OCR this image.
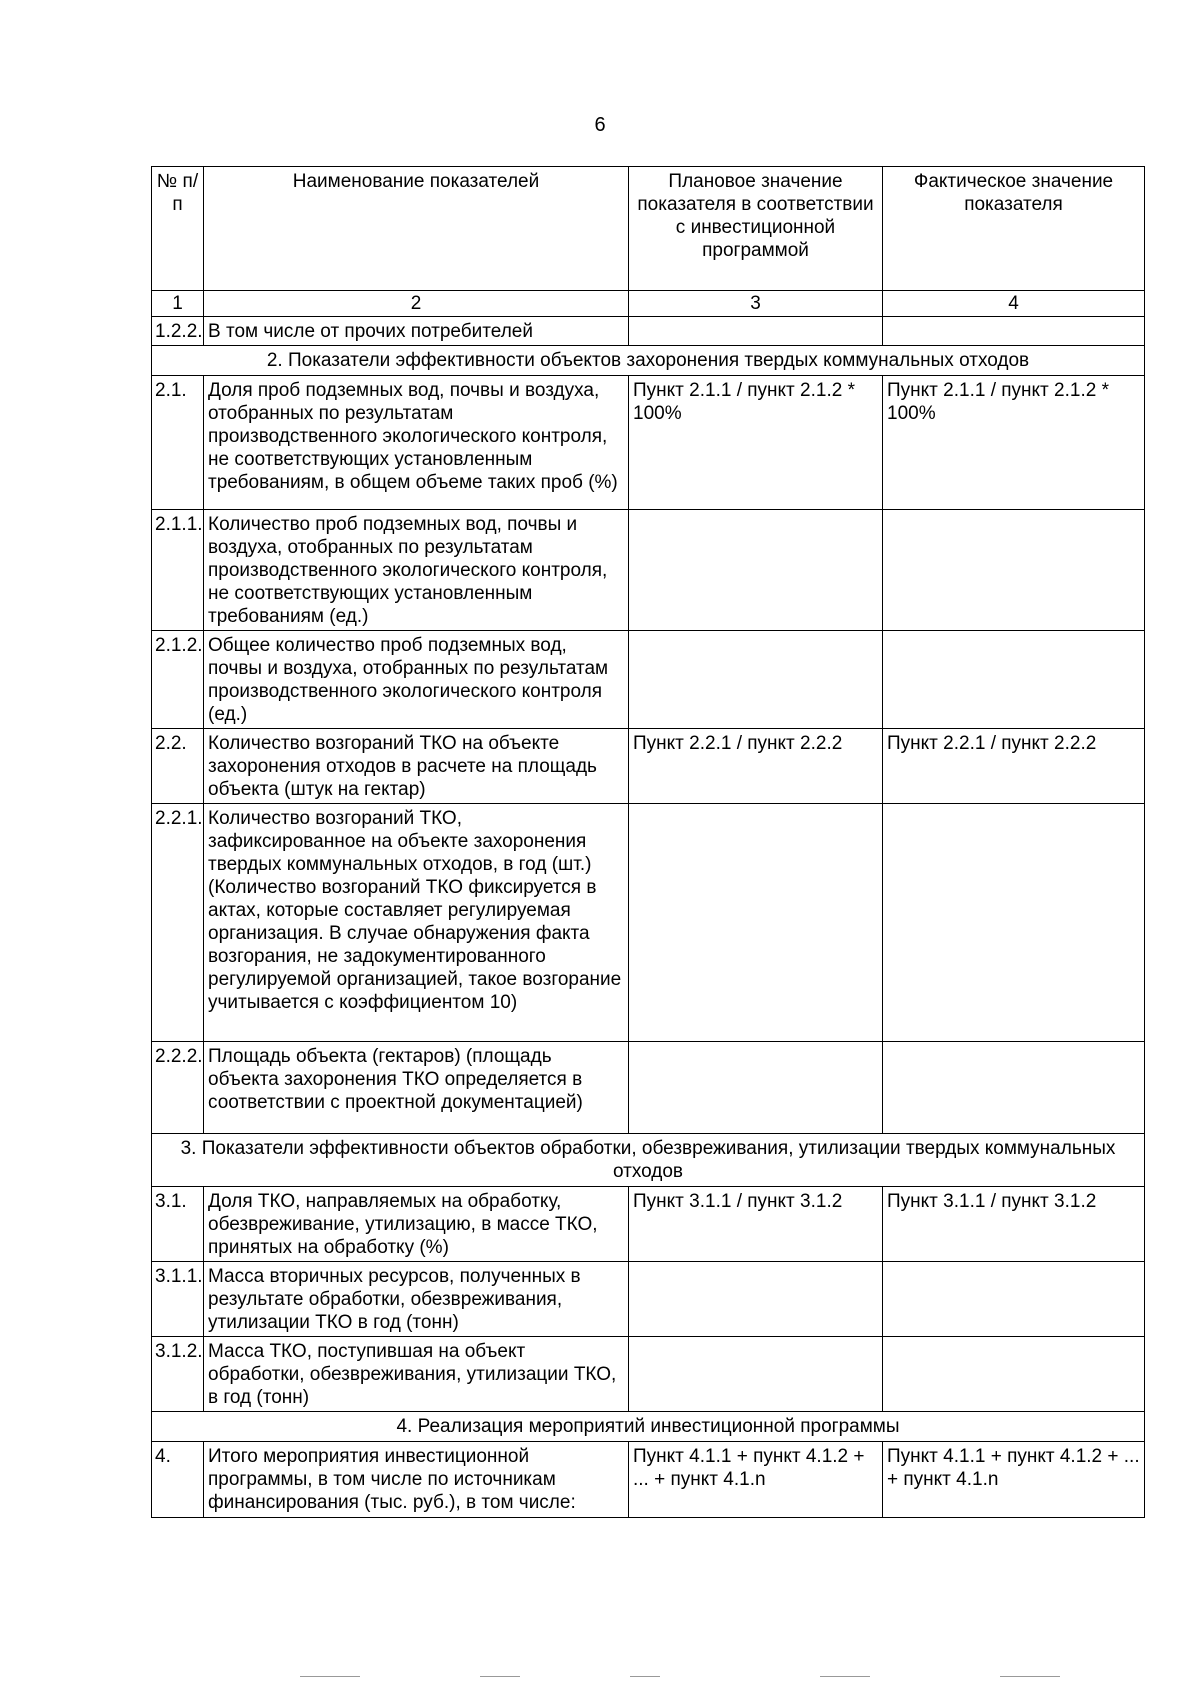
6
№ п/п	Наименование показателей	Плановое значение показателя в соответствии с инвестиционной программой	Фактическое значение показателя
1	2	3	4
1.2.2.	В том числе от прочих потребителей		
2. Показатели эффективности объектов захоронения твердых коммунальных отходов			
2.1.	Доля проб подземных вод, почвы и воздуха, отобранных по результатам производственного экологического контроля, не соответствующих установленным требованиям, в общем объеме таких проб (%)	Пункт 2.1.1 / пункт 2.1.2 * 100%	Пункт 2.1.1 / пункт 2.1.2 * 100%
2.1.1.	Количество проб подземных вод, почвы и воздуха, отобранных по результатам производственного экологического контроля, не соответствующих установленным требованиям (ед.)		
2.1.2.	Общее количество проб подземных вод, почвы и воздуха, отобранных по результатам производственного экологического контроля (ед.)		
2.2.	Количество возгораний ТКО на объекте захоронения отходов в расчете на площадь объекта (штук на гектар)	Пункт 2.2.1 / пункт 2.2.2	Пункт 2.2.1 / пункт 2.2.2
2.2.1.	Количество возгораний ТКО, зафиксированное на объекте захоронения твердых коммунальных отходов, в год (шт.) (Количество возгораний ТКО фиксируется в актах, которые составляет регулируемая организация. В случае обнаружения факта возгорания, не задокументированного регулируемой организацией, такое возгорание учитывается с коэффициентом 10)		
2.2.2.	Площадь объекта (гектаров) (площадь объекта захоронения ТКО определяется в соответствии с проектной документацией)		
3. Показатели эффективности объектов обработки, обезвреживания, утилизации твердых коммунальных отходов			
3.1.	Доля ТКО, направляемых на обработку, обезвреживание, утилизацию, в массе ТКО, принятых на обработку (%)	Пункт 3.1.1 / пункт 3.1.2	Пункт 3.1.1 / пункт 3.1.2
3.1.1.	Масса вторичных ресурсов, полученных в результате обработки, обезвреживания, утилизации ТКО в год (тонн)		
3.1.2.	Масса ТКО, поступившая на объект обработки, обезвреживания, утилизации ТКО, в год (тонн)		
4. Реализация мероприятий инвестиционной программы			
4.	Итого мероприятия инвестиционной программы, в том числе по источникам финансирования (тыс. руб.), в том числе:	Пункт 4.1.1 + пункт 4.1.2 + ... + пункт 4.1.n	Пункт 4.1.1 + пункт 4.1.2 + ... + пункт 4.1.n
